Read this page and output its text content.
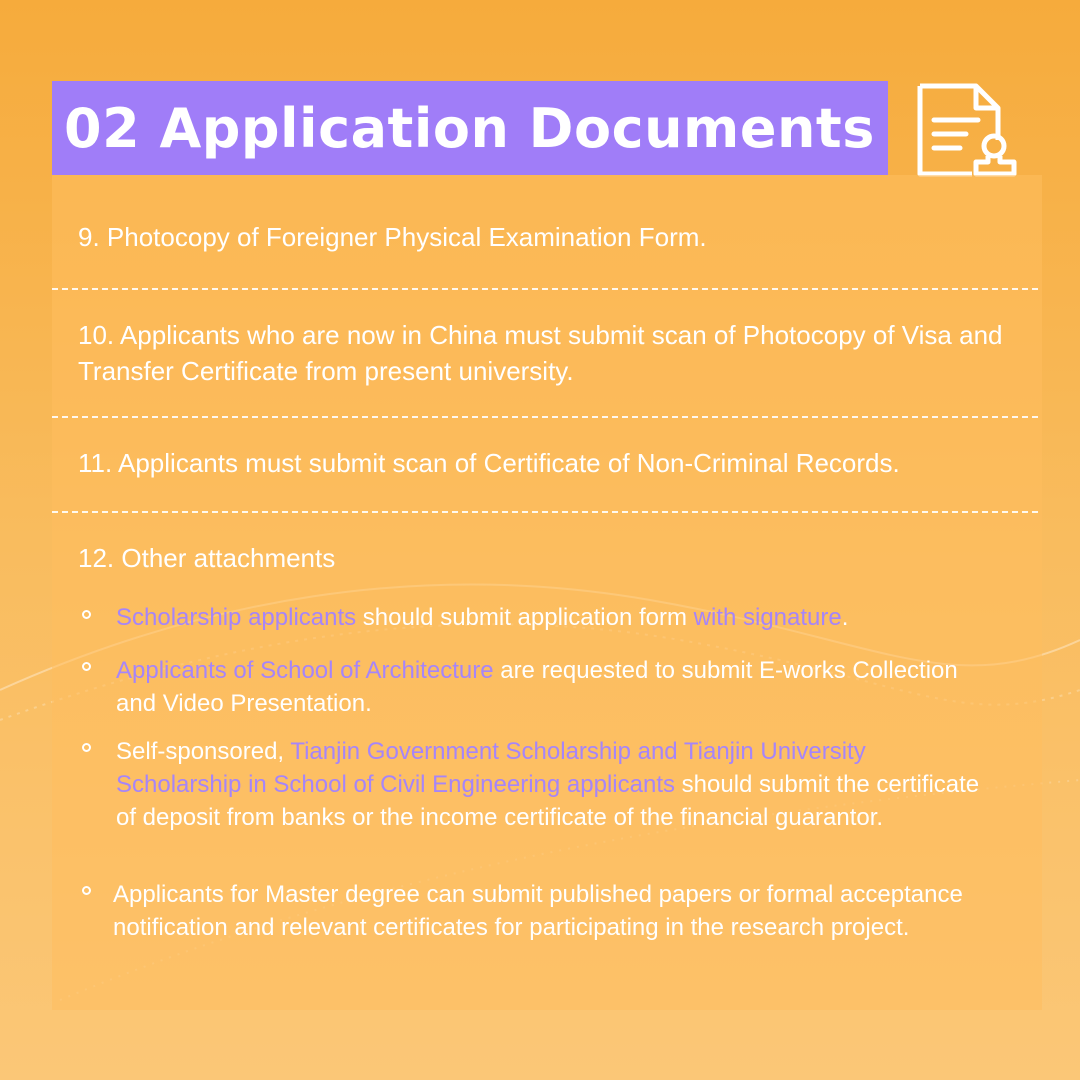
02 Application Documents
9. Photocopy of Foreigner Physical Examination Form.
10. Applicants who are now in China must submit scan of Photocopy of Visa and Transfer Certificate from present university.
11. Applicants must submit scan of Certificate of Non-Criminal Records.
12. Other attachments
Scholarship applicants should submit application form with signature.
Applicants of School of Architecture are requested to submit E-works Collection and Video Presentation.
Self-sponsored, Tianjin Government Scholarship and Tianjin University Scholarship in School of Civil Engineering applicants should submit the certificate of deposit from banks or the income certificate of the financial guarantor.
Applicants for Master degree can submit published papers or formal acceptance notification and relevant certificates for participating in the research project.
